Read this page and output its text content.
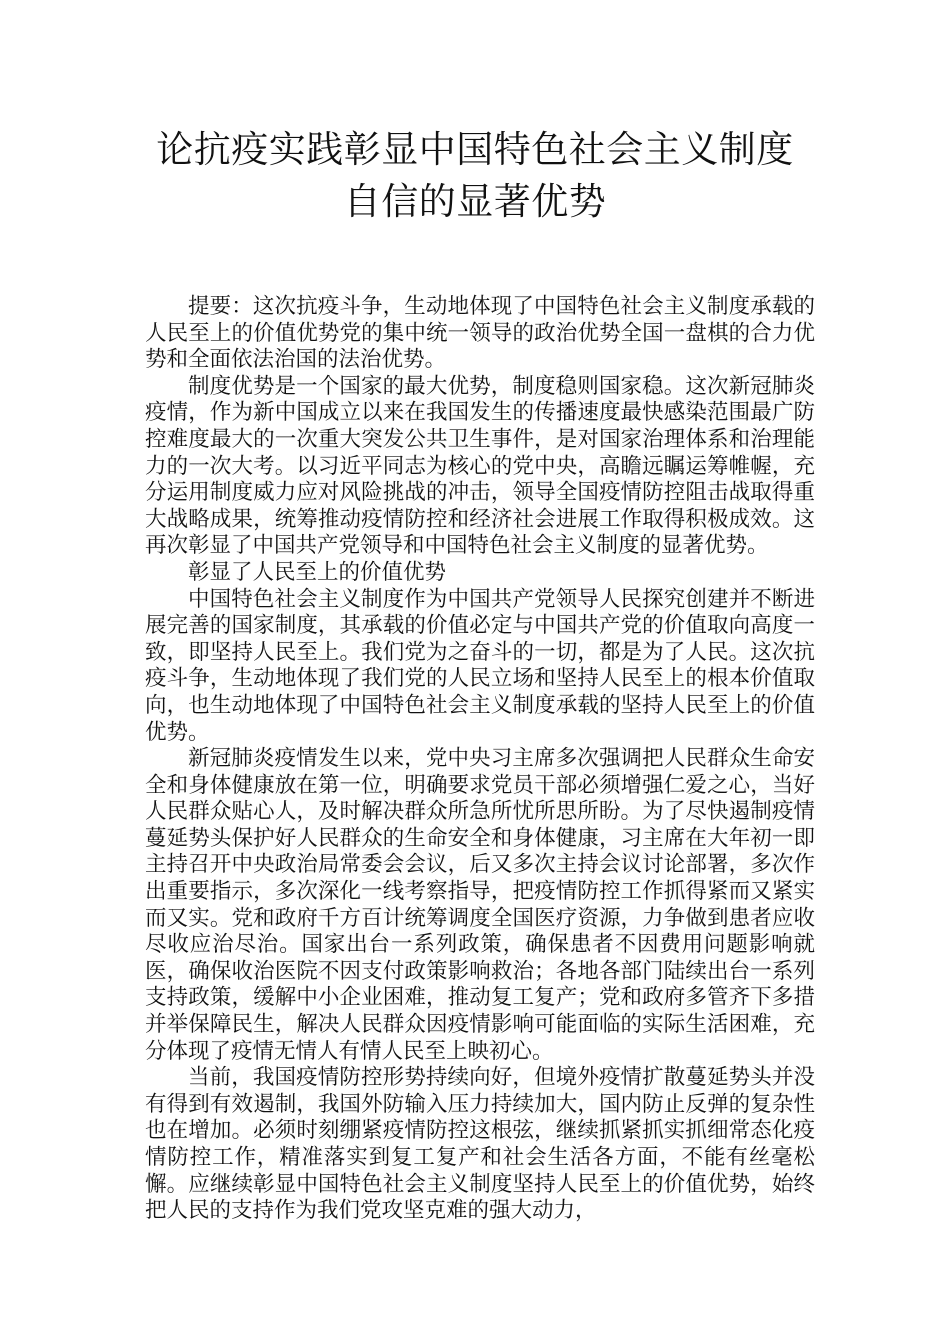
论抗疫实践彰显中国特色社会主义制度
自信的显著优势

提要：这次抗疫斗争，生动地体现了中国特色社会主义制度承载的人民至上的价值优势党的集中统一领导的政治优势全国一盘棋的合力优势和全面依法治国的法治优势。

制度优势是一个国家的最大优势，制度稳则国家稳。这次新冠肺炎疫情，作为新中国成立以来在我国发生的传播速度最快感染范围最广防控难度最大的一次重大突发公共卫生事件，是对国家治理体系和治理能力的一次大考。以习近平同志为核心的党中央，高瞻远瞩运筹帷幄，充分运用制度威力应对风险挑战的冲击，领导全国疫情防控阻击战取得重大战略成果，统筹推动疫情防控和经济社会进展工作取得积极成效。这再次彰显了中国共产党领导和中国特色社会主义制度的显著优势。

彰显了人民至上的价值优势

中国特色社会主义制度作为中国共产党领导人民探究创建并不断进展完善的国家制度，其承载的价值必定与中国共产党的价值取向高度一致，即坚持人民至上。我们党为之奋斗的一切，都是为了人民。这次抗疫斗争，生动地体现了我们党的人民立场和坚持人民至上的根本价值取向，也生动地体现了中国特色社会主义制度承载的坚持人民至上的价值优势。

新冠肺炎疫情发生以来，党中央习主席多次强调把人民群众生命安全和身体健康放在第一位，明确要求党员干部必须增强仁爱之心，当好人民群众贴心人，及时解决群众所急所忧所思所盼。为了尽快遏制疫情蔓延势头保护好人民群众的生命安全和身体健康，习主席在大年初一即主持召开中央政治局常委会会议，后又多次主持会议讨论部署，多次作出重要指示，多次深化一线考察指导，把疫情防控工作抓得紧而又紧实而又实。党和政府千方百计统筹调度全国医疗资源，力争做到患者应收尽收应治尽治。国家出台一系列政策，确保患者不因费用问题影响就医，确保收治医院不因支付政策影响救治；各地各部门陆续出台一系列支持政策，缓解中小企业困难，推动复工复产；党和政府多管齐下多措并举保障民生，解决人民群众因疫情影响可能面临的实际生活困难，充分体现了疫情无情人有情人民至上映初心。

当前，我国疫情防控形势持续向好，但境外疫情扩散蔓延势头并没有得到有效遏制，我国外防输入压力持续加大，国内防止反弹的复杂性也在增加。必须时刻绷紧疫情防控这根弦，继续抓紧抓实抓细常态化疫情防控工作，精准落实到复工复产和社会生活各方面，不能有丝毫松懈。应继续彰显中国特色社会主义制度坚持人民至上的价值优势，始终把人民的支持作为我们党攻坚克难的强大动力，
